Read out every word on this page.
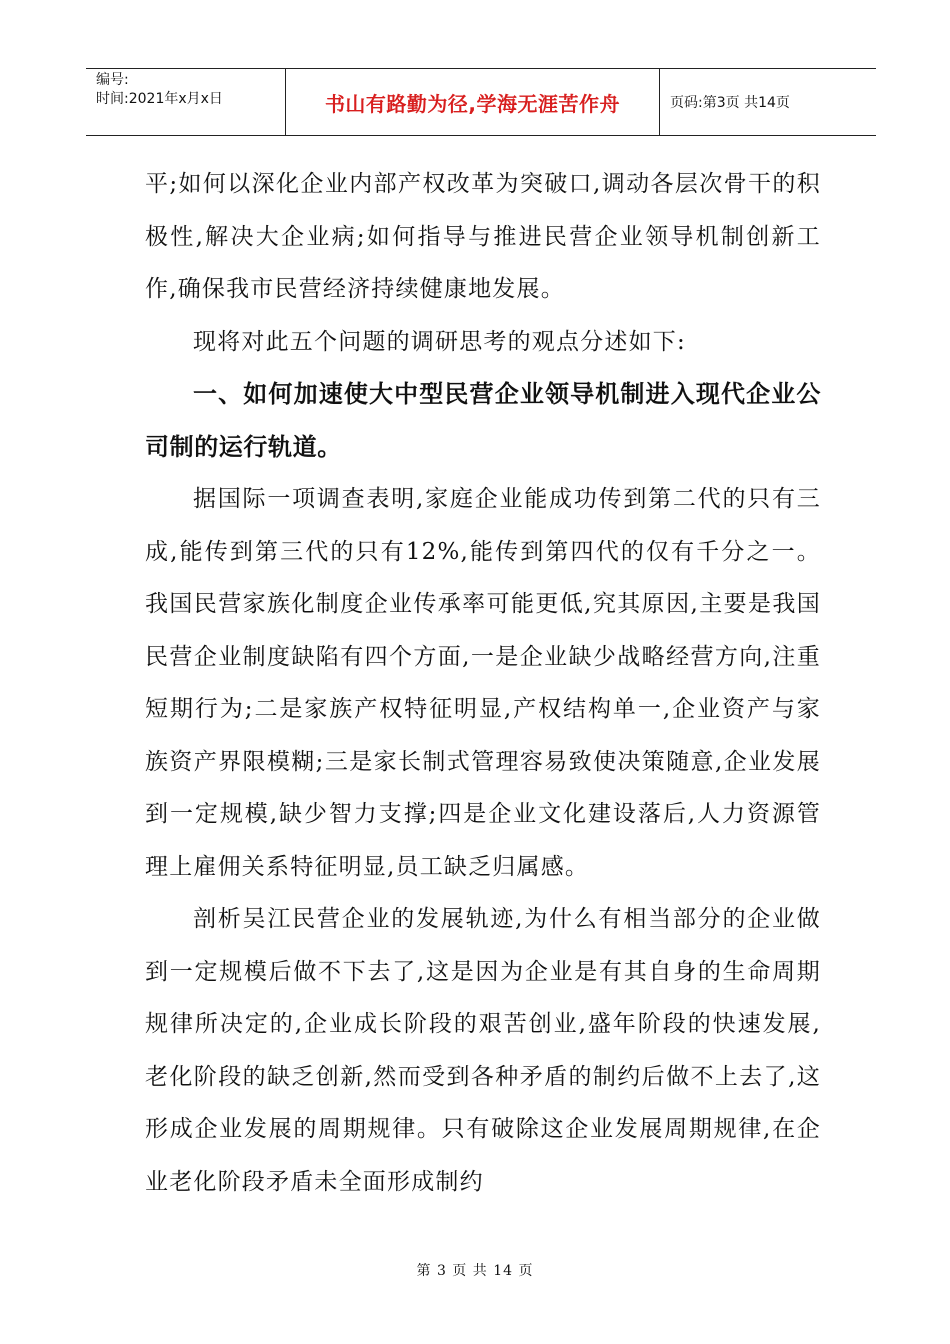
编号:
时间:2021年x月x日	书山有路勤为径,学海无涯苦作舟	页码:第3页 共14页

平;如何以深化企业内部产权改革为突破口,调动各层次骨干的积极性,解决大企业病;如何指导与推进民营企业领导机制创新工作,确保我市民营经济持续健康地发展。

现将对此五个问题的调研思考的观点分述如下:

一、如何加速使大中型民营企业领导机制进入现代企业公司制的运行轨道。

据国际一项调查表明,家庭企业能成功传到第二代的只有三成,能传到第三代的只有12%,能传到第四代的仅有千分之一。我国民营家族化制度企业传承率可能更低,究其原因,主要是我国民营企业制度缺陷有四个方面,一是企业缺少战略经营方向,注重短期行为;二是家族产权特征明显,产权结构单一,企业资产与家族资产界限模糊;三是家长制式管理容易致使决策随意,企业发展到一定规模,缺少智力支撑;四是企业文化建设落后,人力资源管理上雇佣关系特征明显,员工缺乏归属感。

剖析吴江民营企业的发展轨迹,为什么有相当部分的企业做到一定规模后做不下去了,这是因为企业是有其自身的生命周期规律所决定的,企业成长阶段的艰苦创业,盛年阶段的快速发展,老化阶段的缺乏创新,然而受到各种矛盾的制约后做不上去了,这形成企业发展的周期规律。只有破除这企业发展周期规律,在企业老化阶段矛盾未全面形成制约

第 3 页 共 14 页
